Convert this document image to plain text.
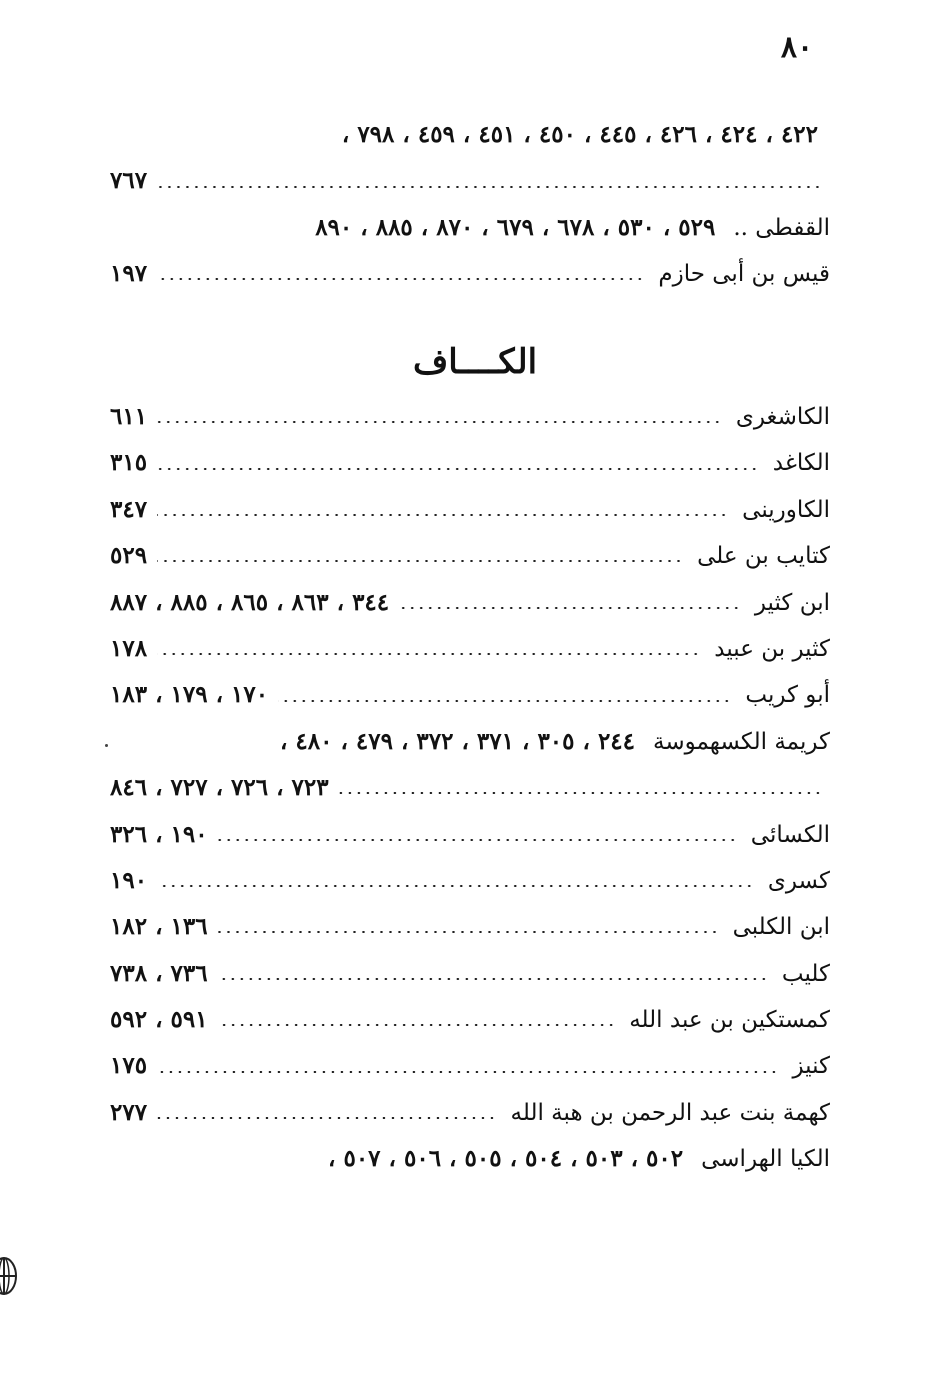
٨٠
٤٢٢ ، ٤٢٤ ، ٤٢٦ ، ٤٤٥ ، ٤٥٠ ، ٤٥١ ، ٤٥٩ ، ٧٩٨ ،
٧٦٧
القفطى ..
٥٢٩ ، ٥٣٠ ، ٦٧٨ ، ٦٧٩ ، ٨٧٠ ، ٨٨٥ ، ٨٩٠
قيس بن أبى حازم
١٩٧
الكــــاف
الكاشغرى
٦١١
الكاغد
٣١٥
الكاورينى
٣٤٧
كتايب بن على
٥٢٩
ابن كثير
٣٤٤ ، ٨٦٣ ، ٨٦٥ ، ٨٨٥ ، ٨٨٧
كثير بن عبيد
١٧٨
أبو كريب
١٧٠ ، ١٧٩ ، ١٨٣
كريمة الكسهموسة
٢٤٤ ، ٣٠٥ ، ٣٧١ ، ٣٧٢ ، ٤٧٩ ، ٤٨٠ ،
٧٢٣ ، ٧٢٦ ، ٧٢٧ ، ٨٤٦
الكسائى
١٩٠ ، ٣٢٦
كسرى
١٩٠
ابن الكلبى
١٣٦ ، ١٨٢
كليب
٧٣٦ ، ٧٣٨
كمستكين بن عبد الله
٥٩١ ، ٥٩٢
كنيز
١٧٥
كهمة بنت عبد الرحمن بن هبة الله
٢٧٧
الكيا الهراسى
٥٠٢ ، ٥٠٣ ، ٥٠٤ ، ٥٠٥ ، ٥٠٦ ، ٥٠٧ ،
